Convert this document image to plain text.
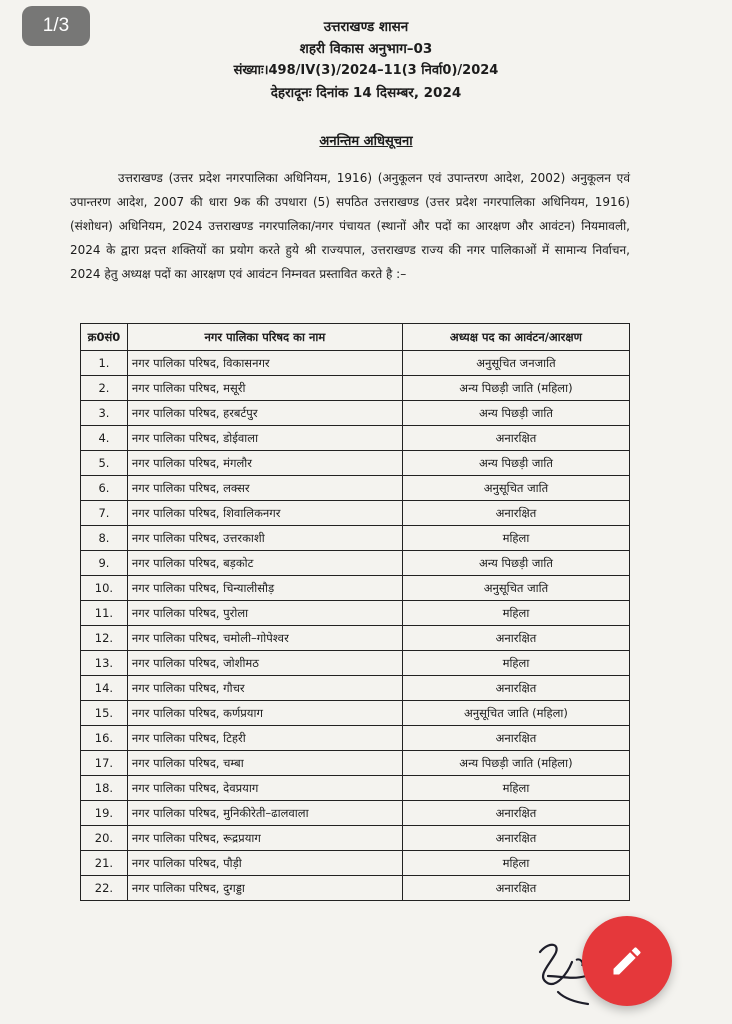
1/3	उत्तराखण्ड शासन
शहरी विकास अनुभाग–03
संख्याः।498/IV(3)/2024–11(3 निर्वा0)/2024
देहरादूनः दिनांक 14 दिसम्बर, 2024
अनन्तिम अधिसूचना
उत्तराखण्ड (उत्तर प्रदेश नगरपालिका अधिनियम, 1916) (अनुकूलन एवं उपान्तरण आदेश, 2002) अनुकूलन एवं उपान्तरण आदेश, 2007 की धारा 9क की उपधारा (5) सपठित उत्तराखण्ड (उत्तर प्रदेश नगरपालिका अधिनियम, 1916) (संशोधन) अधिनियम, 2024 उत्तराखण्ड नगरपालिका/नगर पंचायत (स्थानों और पदों का आरक्षण और आवंटन) नियमावली, 2024 के द्वारा प्रदत्त शक्तियों का प्रयोग करते हुये श्री राज्यपाल, उत्तराखण्ड राज्य की नगर पालिकाओं में सामान्य निर्वाचन, 2024 हेतु अध्यक्ष पदों का आरक्षण एवं आवंटन निम्नवत प्रस्तावित करते है :–
क्र0सं0	नगर पालिका परिषद का नाम	अध्यक्ष पद का आवंटन/आरक्षण
1.	नगर पालिका परिषद, विकासनगर	अनुसूचित जनजाति
2.	नगर पालिका परिषद, मसूरी	अन्य पिछड़ी जाति (महिला)
3.	नगर पालिका परिषद, हरबर्टपुर	अन्य पिछड़ी जाति
4.	नगर पालिका परिषद, डोईवाला	अनारक्षित
5.	नगर पालिका परिषद, मंगलौर	अन्य पिछड़ी जाति
6.	नगर पालिका परिषद, लक्सर	अनुसूचित जाति
7.	नगर पालिका परिषद, शिवालिकनगर	अनारक्षित
8.	नगर पालिका परिषद, उत्तरकाशी	महिला
9.	नगर पालिका परिषद, बड़कोट	अन्य पिछड़ी जाति
10.	नगर पालिका परिषद, चिन्यालीसौड़	अनुसूचित जाति
11.	नगर पालिका परिषद, पुरोला	महिला
12.	नगर पालिका परिषद, चमोली–गोपेश्वर	अनारक्षित
13.	नगर पालिका परिषद, जोशीमठ	महिला
14.	नगर पालिका परिषद, गौचर	अनारक्षित
15.	नगर पालिका परिषद, कर्णप्रयाग	अनुसूचित जाति (महिला)
16.	नगर पालिका परिषद, टिहरी	अनारक्षित
17.	नगर पालिका परिषद, चम्बा	अन्य पिछड़ी जाति (महिला)
18.	नगर पालिका परिषद, देवप्रयाग	महिला
19.	नगर पालिका परिषद, मुनिकीरेती–ढालवाला	अनारक्षित
20.	नगर पालिका परिषद, रूद्रप्रयाग	अनारक्षित
21.	नगर पालिका परिषद, पौड़ी	महिला
22.	नगर पालिका परिषद, दुगड्डा	अनारक्षित
